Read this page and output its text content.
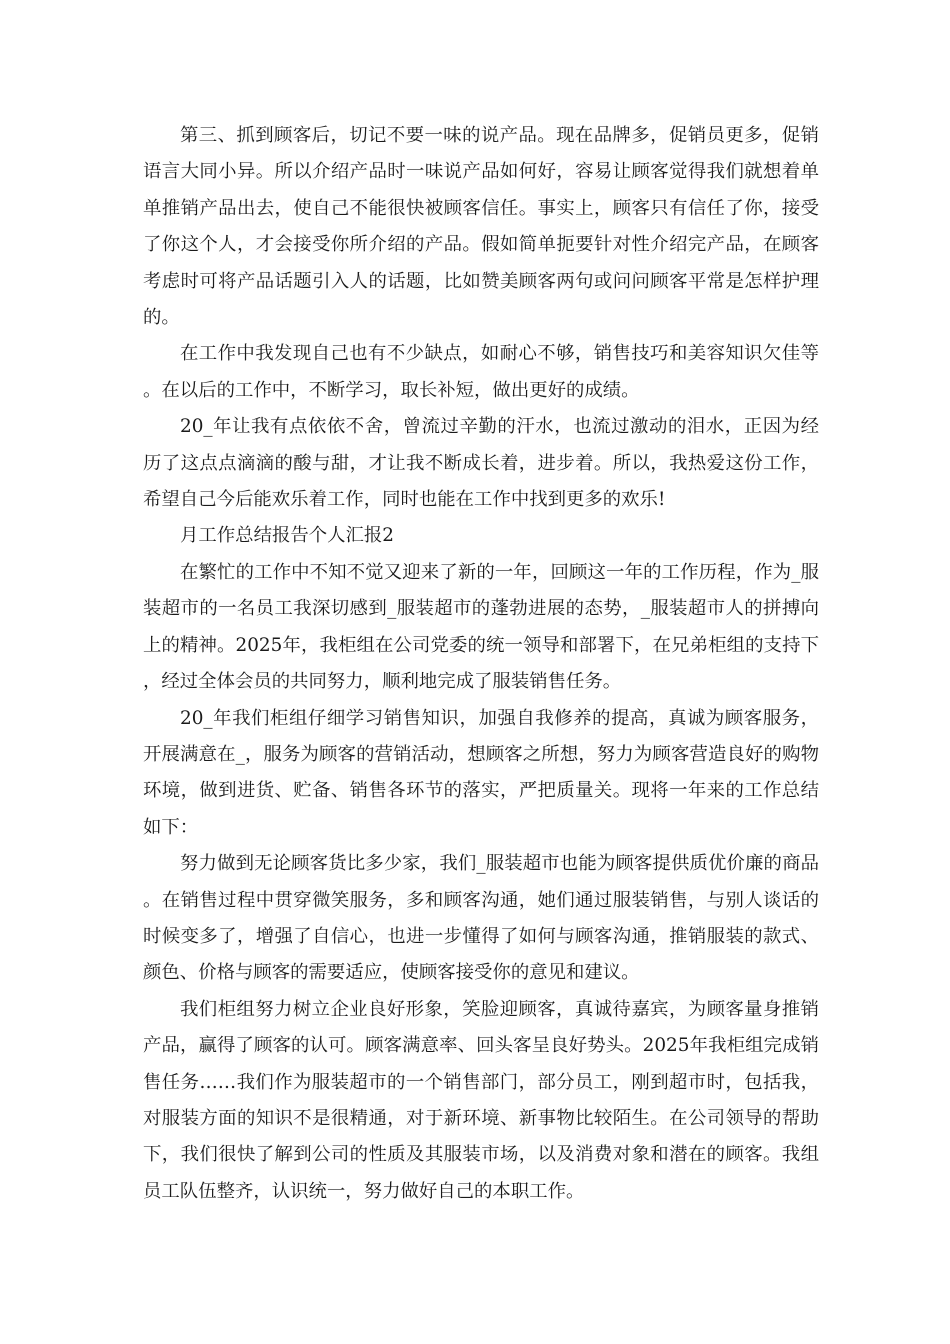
第三、抓到顾客后，切记不要一味的说产品。现在品牌多，促销员更多，促销语言大同小异。所以介绍产品时一味说产品如何好，容易让顾客觉得我们就想着单单推销产品出去，使自己不能很快被顾客信任。事实上，顾客只有信任了你，接受了你这个人，才会接受你所介绍的产品。假如简单扼要针对性介绍完产品，在顾客考虑时可将产品话题引入人的话题，比如赞美顾客两句或问问顾客平常是怎样护理的。

在工作中我发现自己也有不少缺点，如耐心不够，销售技巧和美容知识欠佳等。在以后的工作中，不断学习，取长补短，做出更好的成绩。

20_年让我有点依依不舍，曾流过辛勤的汗水，也流过激动的泪水，正因为经历了这点点滴滴的酸与甜，才让我不断成长着，进步着。所以，我热爱这份工作，希望自己今后能欢乐着工作，同时也能在工作中找到更多的欢乐!

月工作总结报告个人汇报2

在繁忙的工作中不知不觉又迎来了新的一年，回顾这一年的工作历程，作为_服装超市的一名员工我深切感到_服装超市的蓬勃进展的态势，_服装超市人的拼搏向上的精神。2025年，我柜组在公司党委的统一领导和部署下，在兄弟柜组的支持下，经过全体会员的共同努力，顺利地完成了服装销售任务。

20_年我们柜组仔细学习销售知识，加强自我修养的提高，真诚为顾客服务，开展满意在_，服务为顾客的营销活动，想顾客之所想，努力为顾客营造良好的购物环境，做到进货、贮备、销售各环节的落实，严把质量关。现将一年来的工作总结如下：

努力做到无论顾客货比多少家，我们_服装超市也能为顾客提供质优价廉的商品。在销售过程中贯穿微笑服务，多和顾客沟通，她们通过服装销售，与别人谈话的时候变多了，增强了自信心，也进一步懂得了如何与顾客沟通，推销服装的款式、颜色、价格与顾客的需要适应，使顾客接受你的意见和建议。

我们柜组努力树立企业良好形象，笑脸迎顾客，真诚待嘉宾，为顾客量身推销产品，赢得了顾客的认可。顾客满意率、回头客呈良好势头。2025年我柜组完成销售任务……我们作为服装超市的一个销售部门，部分员工，刚到超市时，包括我，对服装方面的知识不是很精通，对于新环境、新事物比较陌生。在公司领导的帮助下，我们很快了解到公司的性质及其服装市场，以及消费对象和潜在的顾客。我组员工队伍整齐，认识统一，努力做好自己的本职工作。
